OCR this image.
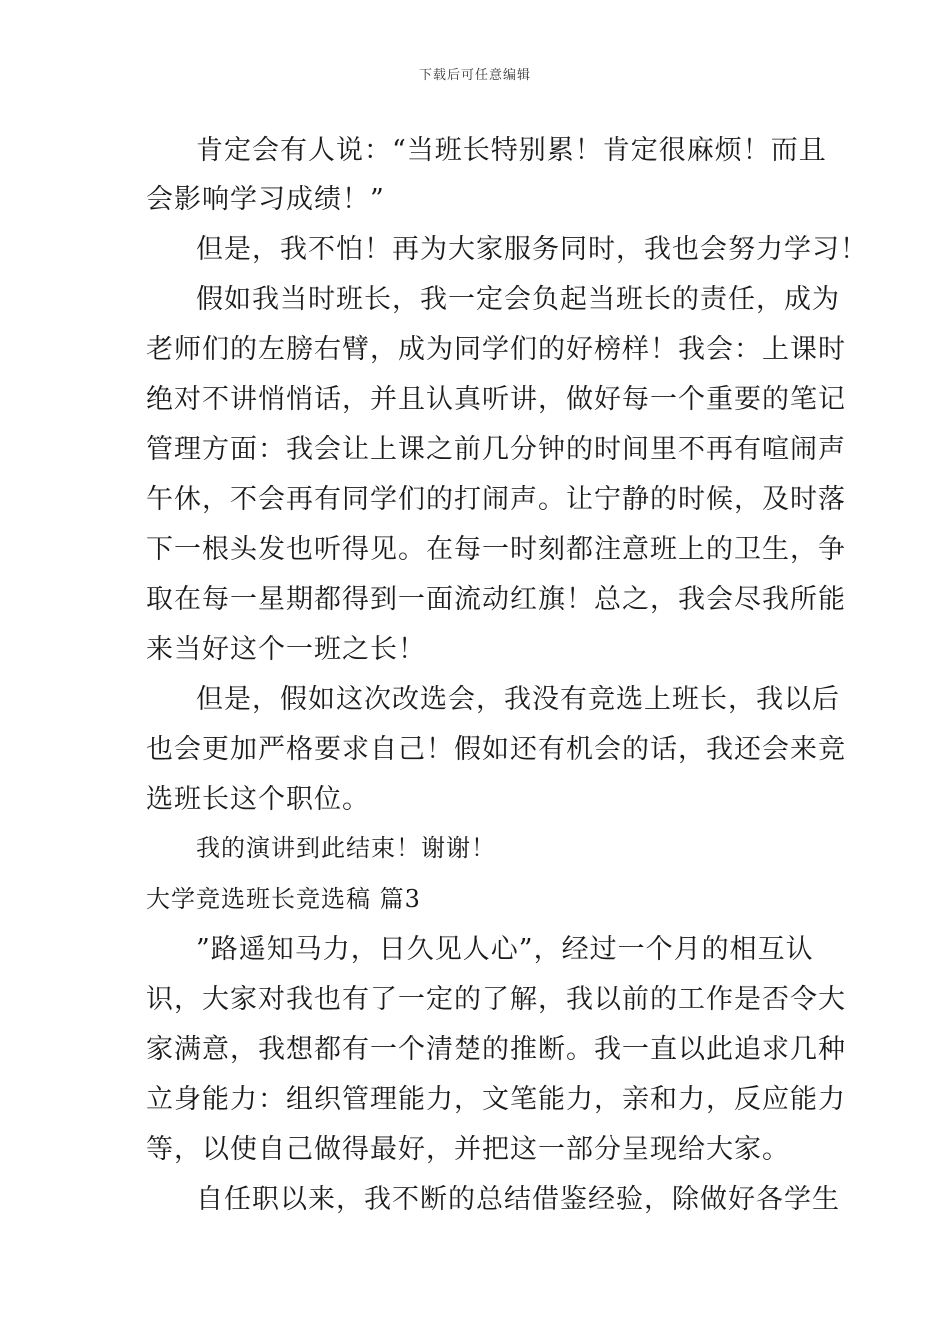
下载后可任意编辑
肯定会有人说：“当班长特别累！肯定很麻烦！而且
会影响学习成绩！”
但是，我不怕！再为大家服务同时，我也会努力学习！
假如我当时班长，我一定会负起当班长的责任，成为
老师们的左膀右臂，成为同学们的好榜样！我会：上课时
绝对不讲悄悄话，并且认真听讲，做好每一个重要的笔记
管理方面：我会让上课之前几分钟的时间里不再有喧闹声
午休，不会再有同学们的打闹声。让宁静的时候，及时落
下一根头发也听得见。在每一时刻都注意班上的卫生，争
取在每一星期都得到一面流动红旗！总之，我会尽我所能
来当好这个一班之长！
但是，假如这次改选会，我没有竞选上班长，我以后
也会更加严格要求自己！假如还有机会的话，我还会来竞
选班长这个职位。
我的演讲到此结束！谢谢！
大学竞选班长竞选稿 篇3
”路遥知马力，日久见人心”，经过一个月的相互认
识，大家对我也有了一定的了解，我以前的工作是否令大
家满意，我想都有一个清楚的推断。我一直以此追求几种
立身能力：组织管理能力，文笔能力，亲和力，反应能力
等，以使自己做得最好，并把这一部分呈现给大家。
自任职以来，我不断的总结借鉴经验，除做好各学生
